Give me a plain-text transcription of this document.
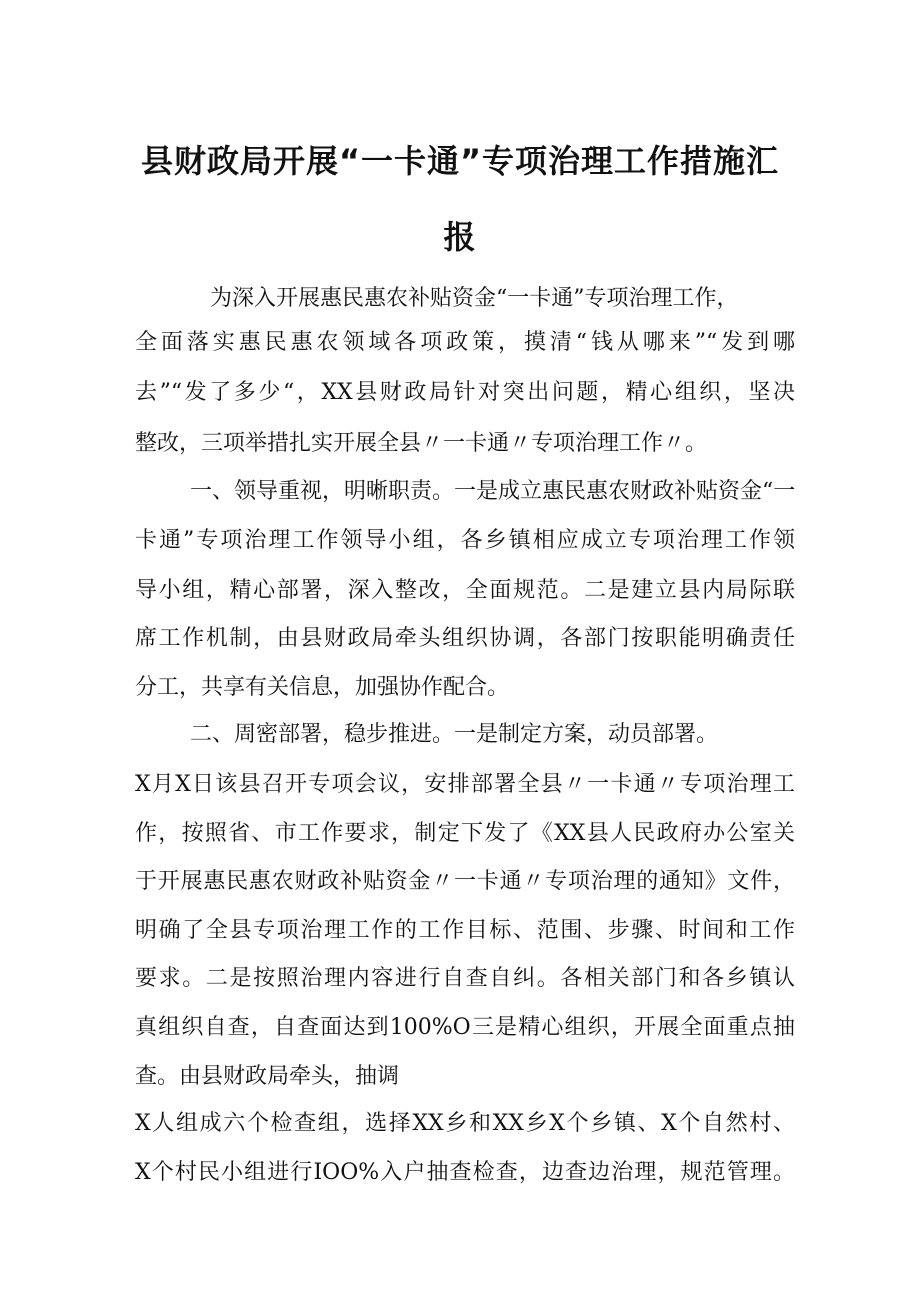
县财政局开展“一卡通”专项治理工作措施汇
报
为深入开展惠民惠农补贴资金“一卡通”专项治理工作，
全面落实惠民惠农领域各项政策，摸清“钱从哪来”“发到哪
去”“发了多少“，XX县财政局针对突出问题，精心组织，坚决
整改，三项举措扎实开展全县〃一卡通〃专项治理工作〃。
一、领导重视，明晰职责。一是成立惠民惠农财政补贴资金“一
卡通”专项治理工作领导小组，各乡镇相应成立专项治理工作领
导小组，精心部署，深入整改，全面规范。二是建立县内局际联
席工作机制，由县财政局牵头组织协调，各部门按职能明确责任
分工，共享有关信息，加强协作配合。
二、周密部署，稳步推进。一是制定方案，动员部署。
X月X日该县召开专项会议，安排部署全县〃一卡通〃专项治理工
作，按照省、市工作要求，制定下发了《XX县人民政府办公室关
于开展惠民惠农财政补贴资金〃一卡通〃专项治理的通知》文件，
明确了全县专项治理工作的工作目标、范围、步骤、时间和工作
要求。二是按照治理内容进行自查自纠。各相关部门和各乡镇认
真组织自查，自查面达到100%O三是精心组织，开展全面重点抽
查。由县财政局牵头，抽调
X人组成六个检查组，选择XX乡和XX乡X个乡镇、X个自然村、
X个村民小组进行IOO%入户抽查检查，边查边治理，规范管理。
